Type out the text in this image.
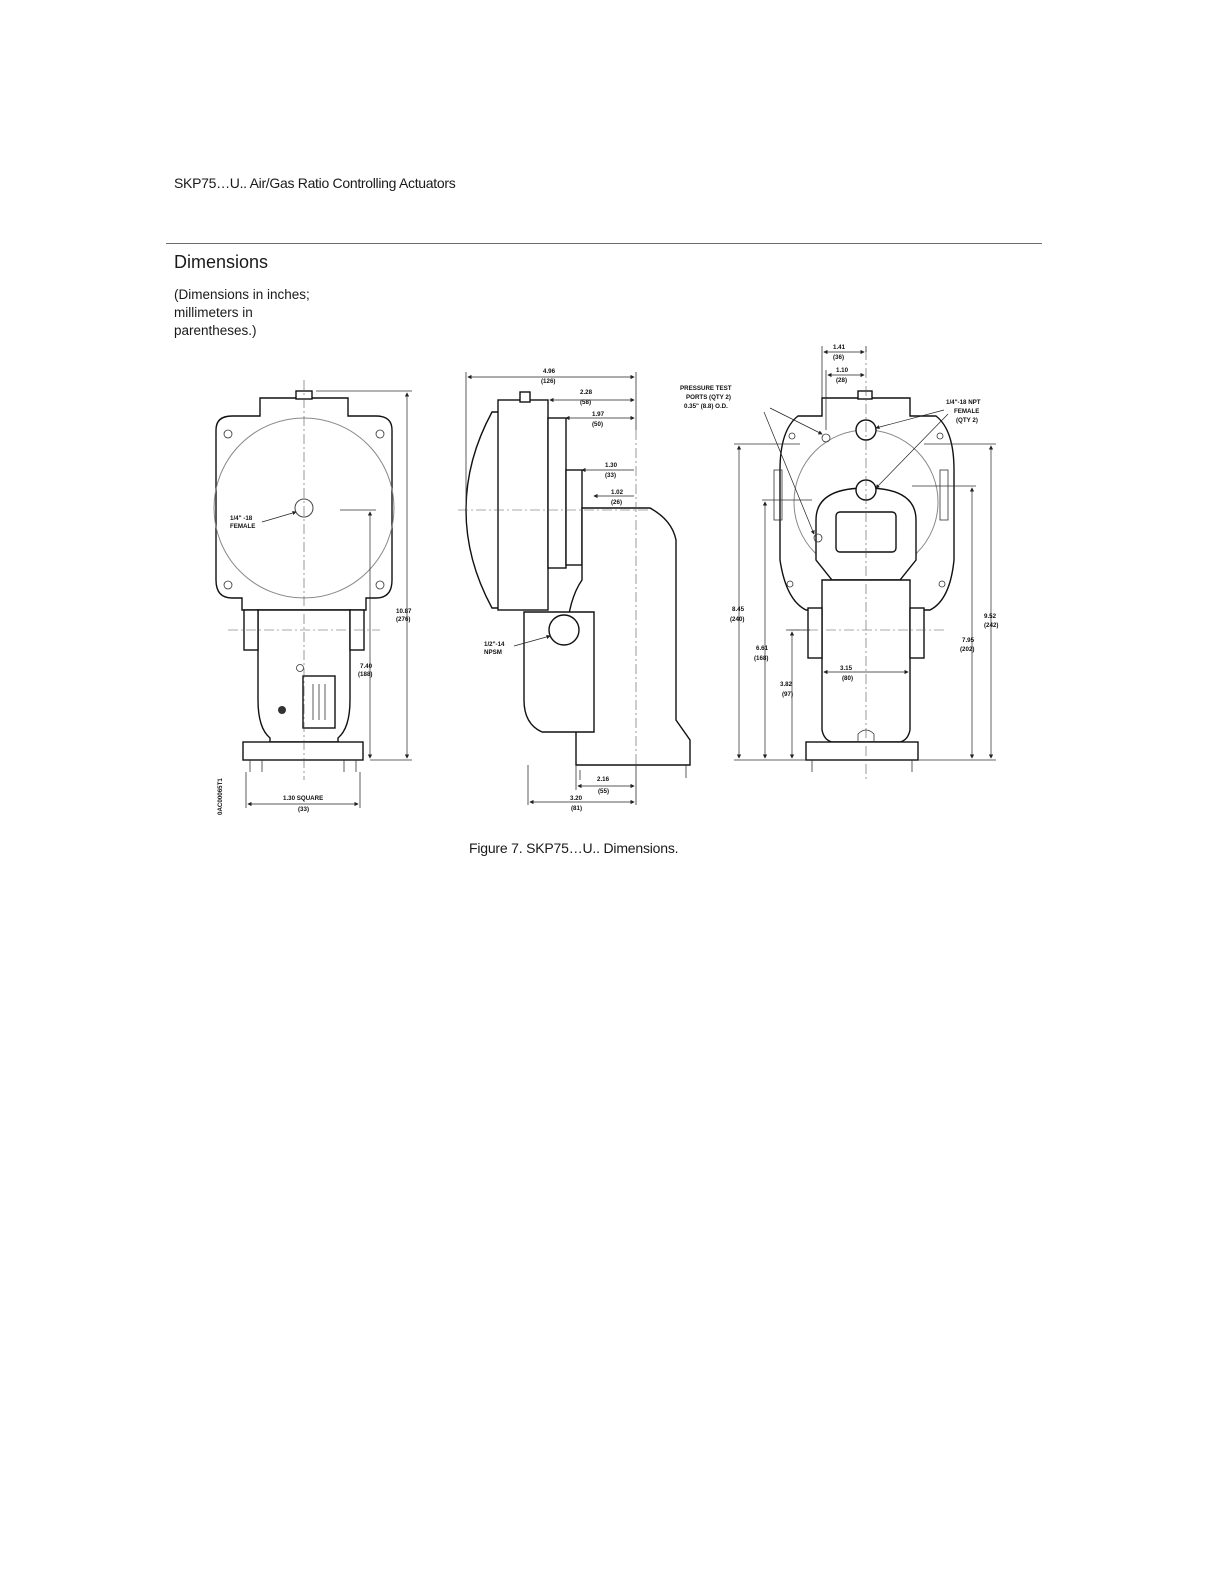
SKP75…U.. Air/Gas Ratio Controlling Actuators
Dimensions
(Dimensions in inches;
millimeters in
parentheses.)
1/4" -18
FEMALE
10.87
(276)
7.40
(188)
1.30 SQUARE
(33)
0AC00065T1
4.96
(126)
2.28
(58)
1.97
(50)
1.30
(33)
1.02
(26)
1/2"-14
NPSM
2.16
(55)
3.20
(81)
1.41
(36)
1.10
(28)
PRESSURE TEST
PORTS (QTY 2)
0.35" (8.8) O.D.
1/4"-18 NPT
FEMALE
(QTY 2)
8.45
(240)
6.61
(168)
3.82
(97)
3.15
(80)
9.52
(242)
7.95
(202)
Figure 7. SKP75…U.. Dimensions.
